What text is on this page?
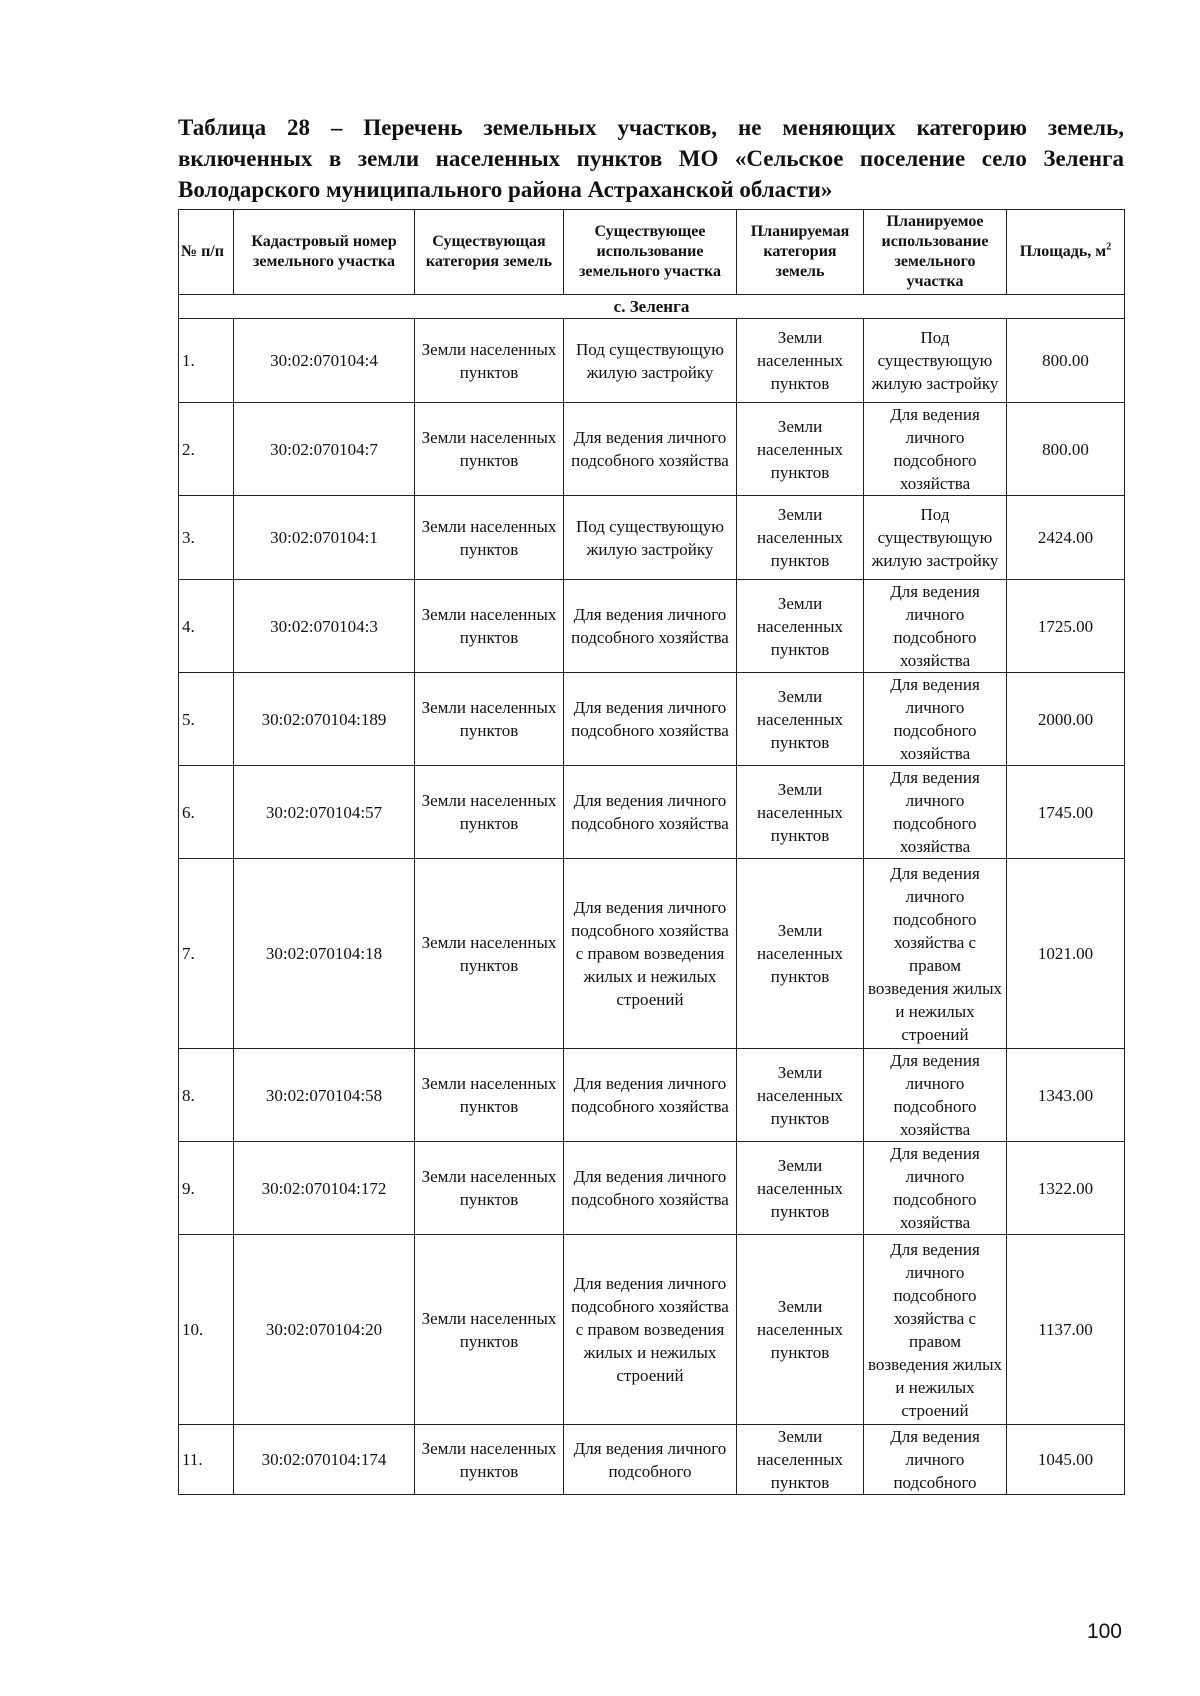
Таблица 28 – Перечень земельных участков, не меняющих категорию земель, включенных в земли населенных пунктов МО «Сельское поселение село Зеленга Володарского муниципального района Астраханской области»

№ п/п	Кадастровый номер земельного участка	Существующая категория земель	Существующее использование земельного участка	Планируемая категория земель	Планируемое использование земельного участка	Площадь, $м^2$
с. Зеленга						
1.	30:02:070104:4	Земли населенных пунктов	Под существующую жилую застройку	Земли населенных пунктов	Под существующую жилую застройку	800.00
2.	30:02:070104:7	Земли населенных пунктов	Для ведения личного подсобного хозяйства	Земли населенных пунктов	Для ведения личного подсобного хозяйства	800.00
3.	30:02:070104:1	Земли населенных пунктов	Под существующую жилую застройку	Земли населенных пунктов	Под существующую жилую застройку	2424.00
4.	30:02:070104:3	Земли населенных пунктов	Для ведения личного подсобного хозяйства	Земли населенных пунктов	Для ведения личного подсобного хозяйства	1725.00
5.	30:02:070104:189	Земли населенных пунктов	Для ведения личного подсобного хозяйства	Земли населенных пунктов	Для ведения личного подсобного хозяйства	2000.00
6.	30:02:070104:57	Земли населенных пунктов	Для ведения личного подсобного хозяйства	Земли населенных пунктов	Для ведения личного подсобного хозяйства	1745.00
7.	30:02:070104:18	Земли населенных пунктов	Для ведения личного подсобного хозяйства с правом возведения жилых и нежилых строений	Земли населенных пунктов	Для ведения личного подсобного хозяйства с правом возведения жилых и нежилых строений	1021.00
8.	30:02:070104:58	Земли населенных пунктов	Для ведения личного подсобного хозяйства	Земли населенных пунктов	Для ведения личного подсобного хозяйства	1343.00
9.	30:02:070104:172	Земли населенных пунктов	Для ведения личного подсобного хозяйства	Земли населенных пунктов	Для ведения личного подсобного хозяйства	1322.00
10.	30:02:070104:20	Земли населенных пунктов	Для ведения личного подсобного хозяйства с правом возведения жилых и нежилых строений	Земли населенных пунктов	Для ведения личного подсобного хозяйства с правом возведения жилых и нежилых строений	1137.00
11.	30:02:070104:174	Земли населенных пунктов	Для ведения личного подсобного	Земли населенных пунктов	Для ведения личного подсобного	1045.00
100
